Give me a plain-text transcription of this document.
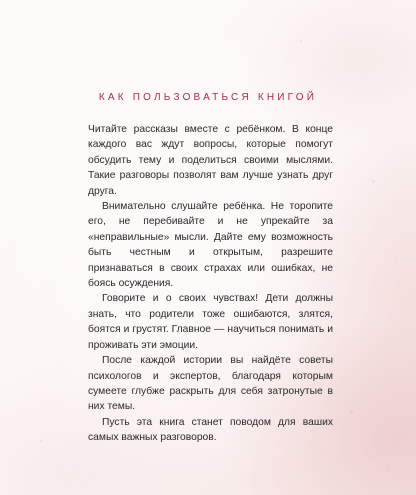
КАК ПОЛЬЗОВАТЬСЯ КНИГОЙ

Читайте рассказы вместе с ребёнком. В конце каждого вас ждут вопросы, которые помогут обсудить тему и поделиться своими мыслями. Такие разговоры позволят вам лучше узнать друг друга.

Внимательно слушайте ребёнка. Не торопите его, не перебивайте и не упрекайте за «неправильные» мысли. Дайте ему возможность быть честным и открытым, разрешите признаваться в своих страхах или ошибках, не боясь осуждения.

Говорите и о своих чувствах! Дети должны знать, что родители тоже ошибаются, злятся, боятся и грустят. Главное — научиться понимать и проживать эти эмоции.

После каждой истории вы найдёте советы психологов и экспертов, благодаря которым сумеете глубже раскрыть для себя затронутые в них темы.

Пусть эта книга станет поводом для ваших самых важных разговоров.
